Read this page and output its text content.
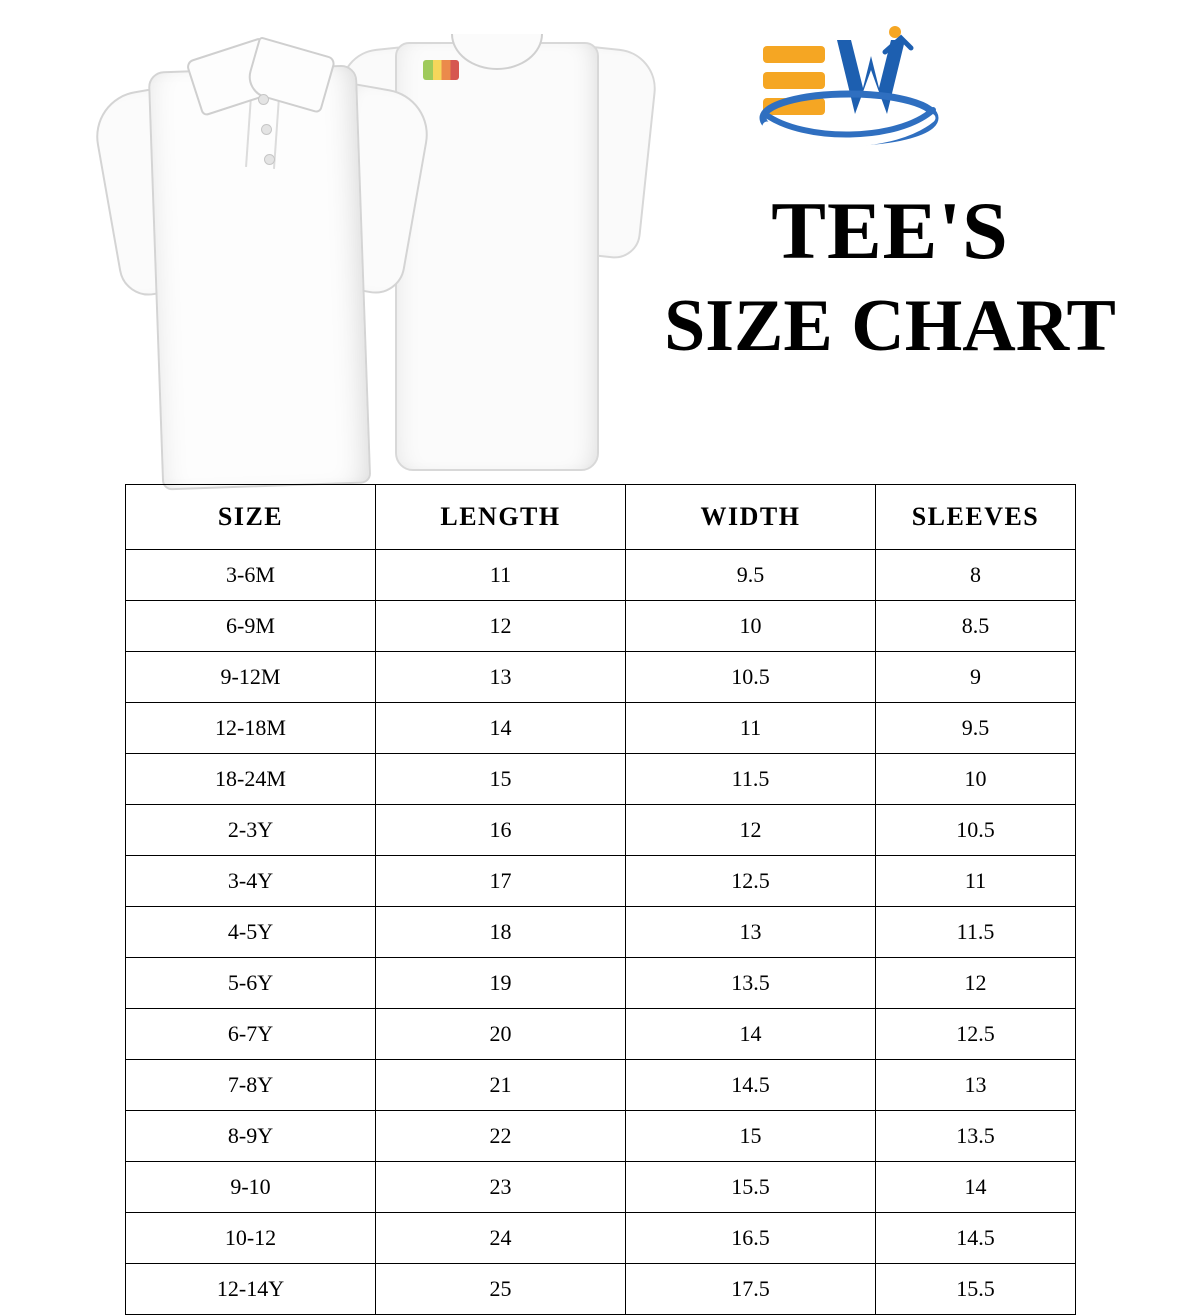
TEE'S
SIZE CHART
SIZE	LENGTH	WIDTH	SLEEVES
3-6M	11	9.5	8
6-9M	12	10	8.5
9-12M	13	10.5	9
12-18M	14	11	9.5
18-24M	15	11.5	10
2-3Y	16	12	10.5
3-4Y	17	12.5	11
4-5Y	18	13	11.5
5-6Y	19	13.5	12
6-7Y	20	14	12.5
7-8Y	21	14.5	13
8-9Y	22	15	13.5
9-10	23	15.5	14
10-12	24	16.5	14.5
12-14Y	25	17.5	15.5
